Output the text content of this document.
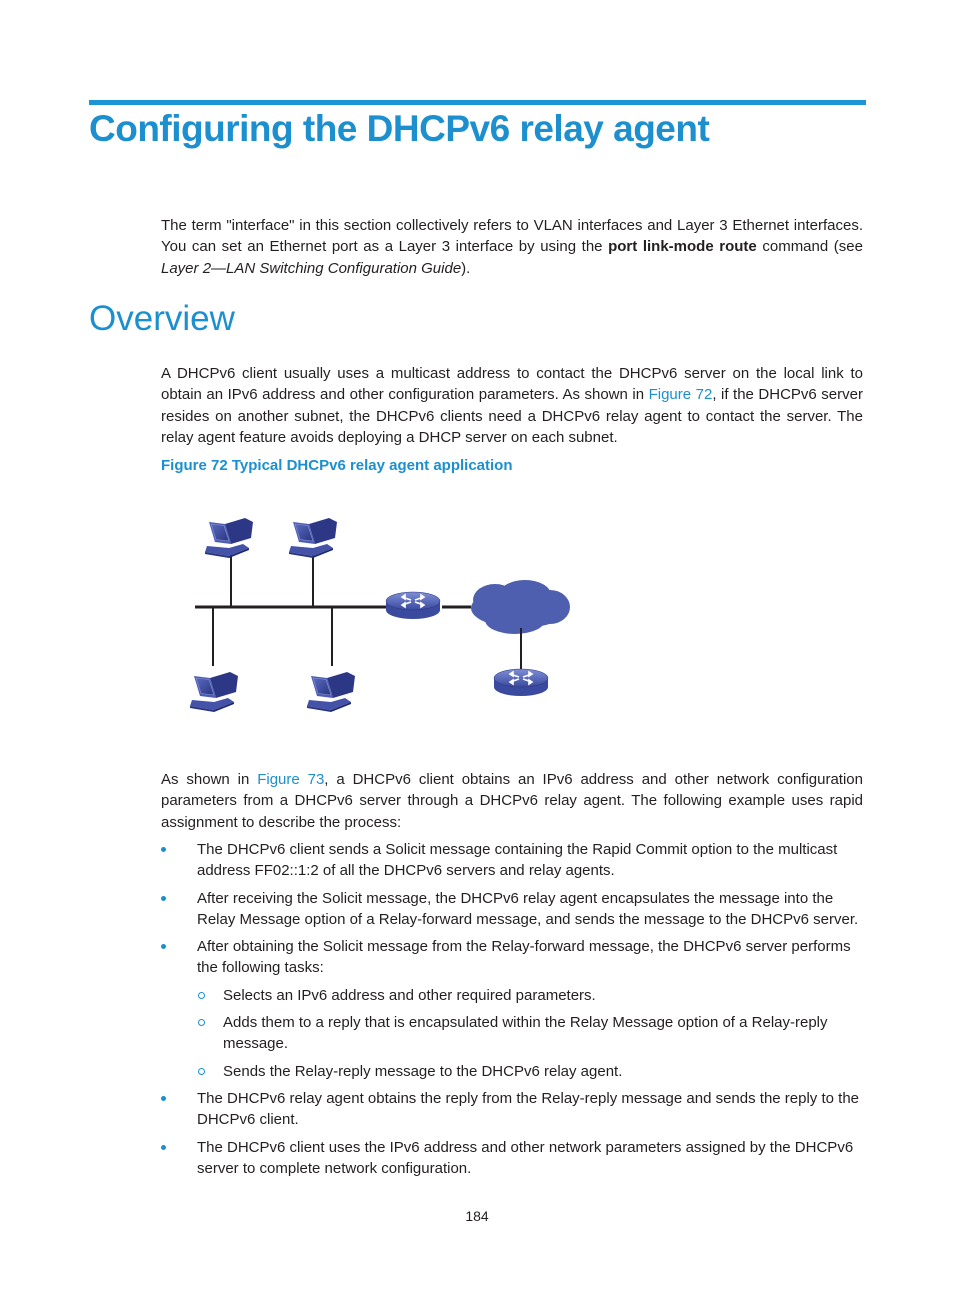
Configuring the DHCPv6 relay agent

The term "interface" in this section collectively refers to VLAN interfaces and Layer 3 Ethernet interfaces. You can set an Ethernet port as a Layer 3 interface by using the port link-mode route command (see Layer 2—LAN Switching Configuration Guide).

Overview

A DHCPv6 client usually uses a multicast address to contact the DHCPv6 server on the local link to obtain an IPv6 address and other configuration parameters. As shown in Figure 72, if the DHCPv6 server resides on another subnet, the DHCPv6 clients need a DHCPv6 relay agent to contact the server. The relay agent feature avoids deploying a DHCP server on each subnet.

Figure 72 Typical DHCPv6 relay agent application

As shown in Figure 73, a DHCPv6 client obtains an IPv6 address and other network configuration parameters from a DHCPv6 server through a DHCPv6 relay agent. The following example uses rapid assignment to describe the process:

The DHCPv6 client sends a Solicit message containing the Rapid Commit option to the multicast address FF02::1:2 of all the DHCPv6 servers and relay agents.
After receiving the Solicit message, the DHCPv6 relay agent encapsulates the message into the Relay Message option of a Relay-forward message, and sends the message to the DHCPv6 server.
After obtaining the Solicit message from the Relay-forward message, the DHCPv6 server performs the following tasks:
Selects an IPv6 address and other required parameters.
Adds them to a reply that is encapsulated within the Relay Message option of a Relay-reply message.
Sends the Relay-reply message to the DHCPv6 relay agent.
The DHCPv6 relay agent obtains the reply from the Relay-reply message and sends the reply to the DHCPv6 client.
The DHCPv6 client uses the IPv6 address and other network parameters assigned by the DHCPv6 server to complete network configuration.
184
